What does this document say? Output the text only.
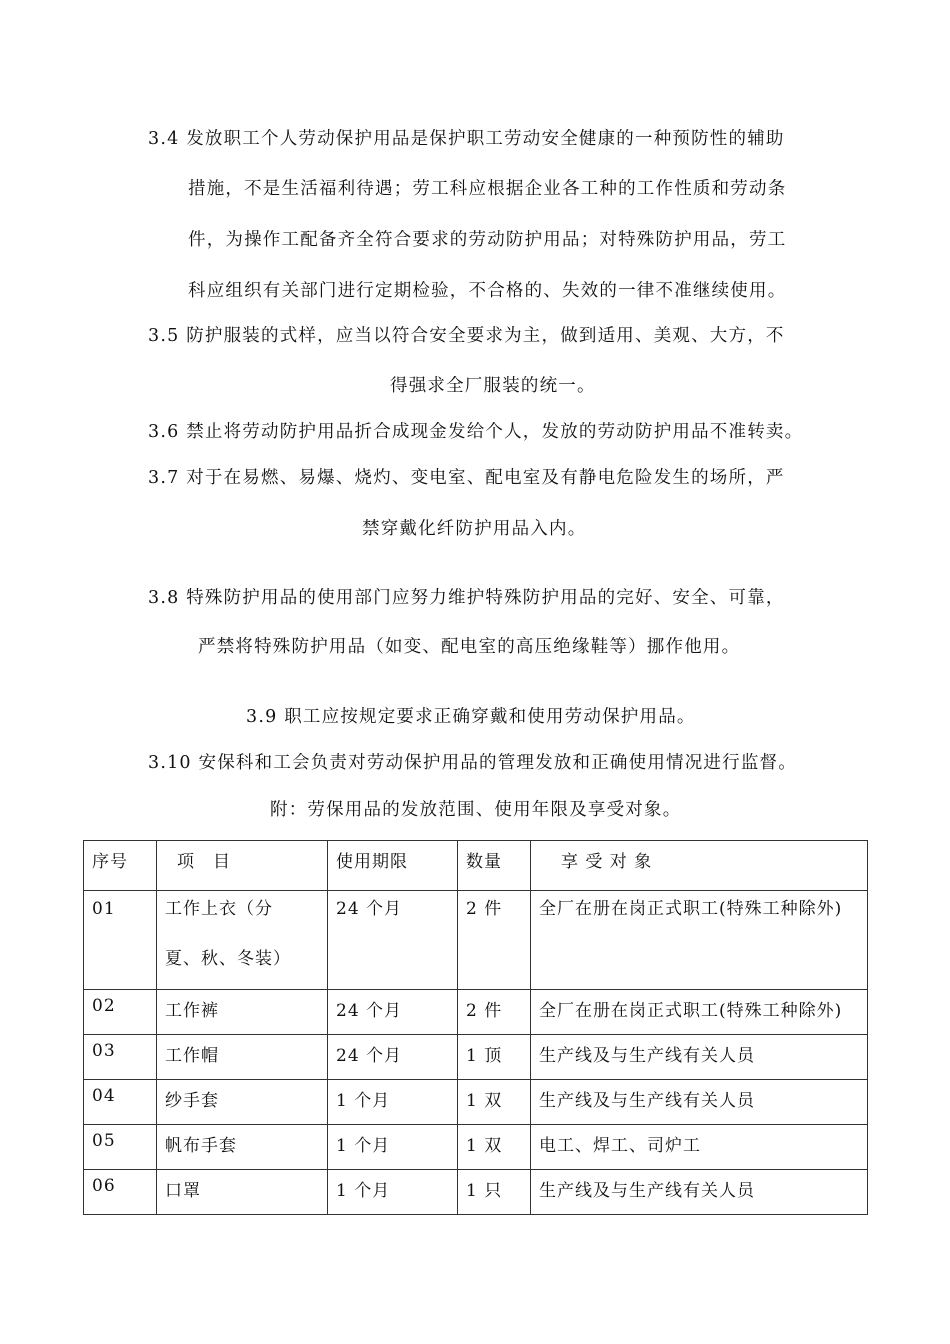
3.4 发放职工个人劳动保护用品是保护职工劳动安全健康的一种预防性的辅助
措施，不是生活福利待遇；劳工科应根据企业各工种的工作性质和劳动条
件，为操作工配备齐全符合要求的劳动防护用品；对特殊防护用品，劳工
科应组织有关部门进行定期检验，不合格的、失效的一律不准继续使用。
3.5 防护服装的式样，应当以符合安全要求为主，做到适用、美观、大方，不
得强求全厂服装的统一。
3.6 禁止将劳动防护用品折合成现金发给个人，发放的劳动防护用品不准转卖。
3.7 对于在易燃、易爆、烧灼、变电室、配电室及有静电危险发生的场所，严
禁穿戴化纤防护用品入内。
3.8 特殊防护用品的使用部门应努力维护特殊防护用品的完好、安全、可靠，
严禁将特殊防护用品（如变、配电室的高压绝缘鞋等）挪作他用。
3.9 职工应按规定要求正确穿戴和使用劳动保护用品。
3.10 安保科和工会负责对劳动保护用品的管理发放和正确使用情况进行监督。
附：劳保用品的发放范围、使用年限及享受对象。
序号	项　目	使用期限	数量	享 受 对 象
01	工作上衣（分
夏、秋、冬装）	24 个月	2 件	全厂在册在岗正式职工(特殊工种除外)
02	工作裤	24 个月	2 件	全厂在册在岗正式职工(特殊工种除外)
03	工作帽	24 个月	1 顶	生产线及与生产线有关人员
04	纱手套	1 个月	1 双	生产线及与生产线有关人员
05	帆布手套	1 个月	1 双	电工、焊工、司炉工
06	口罩	1 个月	1 只	生产线及与生产线有关人员
